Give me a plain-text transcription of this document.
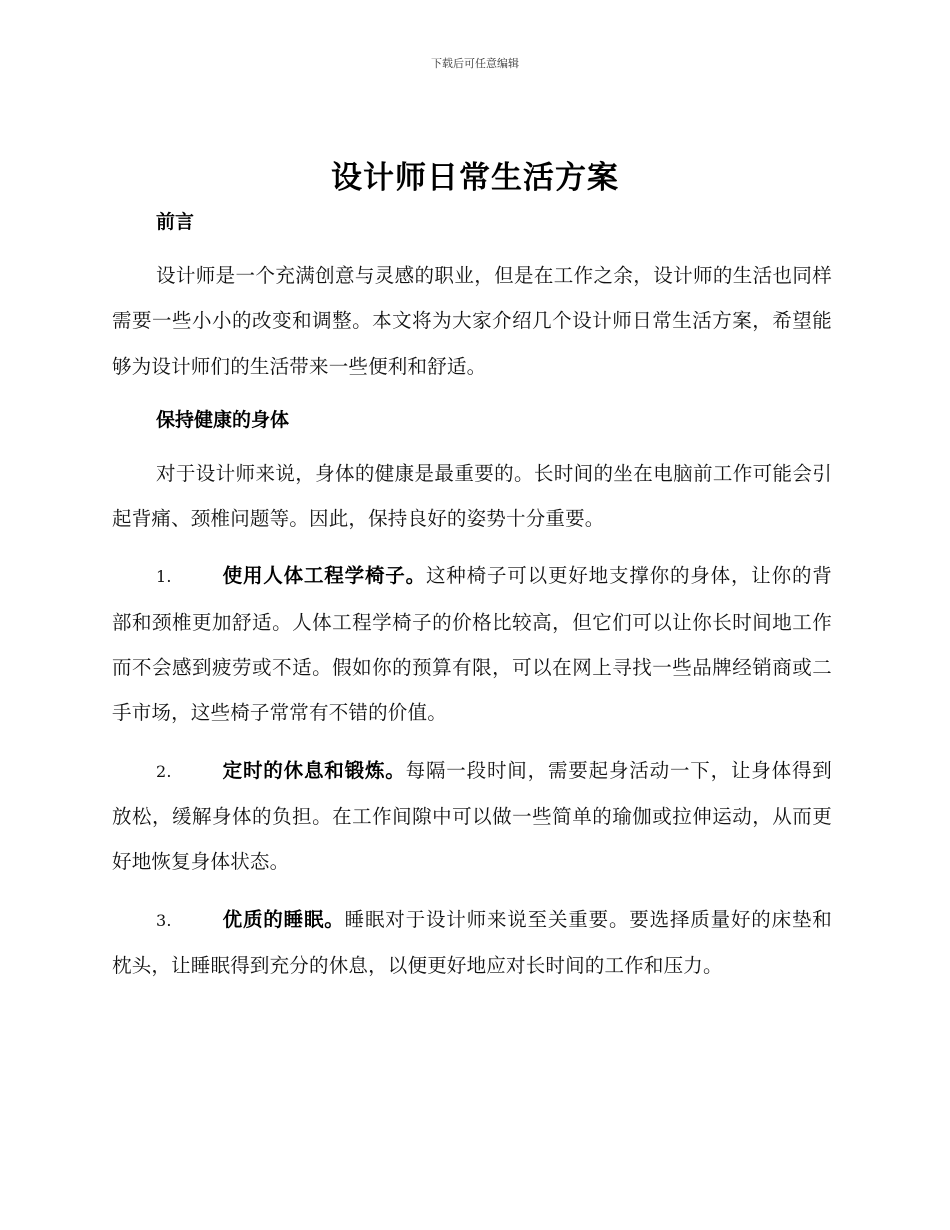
下载后可任意编辑
设计师日常生活方案
前言
设计师是一个充满创意与灵感的职业，但是在工作之余，设计师的生活也同样需要一些小小的改变和调整。本文将为大家介绍几个设计师日常生活方案，希望能够为设计师们的生活带来一些便利和舒适。
保持健康的身体
对于设计师来说，身体的健康是最重要的。长时间的坐在电脑前工作可能会引起背痛、颈椎问题等。因此，保持良好的姿势十分重要。
1.	使用人体工程学椅子。这种椅子可以更好地支撑你的身体，让你的背部和颈椎更加舒适。人体工程学椅子的价格比较高，但它们可以让你长时间地工作而不会感到疲劳或不适。假如你的预算有限，可以在网上寻找一些品牌经销商或二手市场，这些椅子常常有不错的价值。
2.	定时的休息和锻炼。每隔一段时间，需要起身活动一下，让身体得到放松，缓解身体的负担。在工作间隙中可以做一些简单的瑜伽或拉伸运动，从而更好地恢复身体状态。
3.	优质的睡眠。睡眠对于设计师来说至关重要。要选择质量好的床垫和枕头，让睡眠得到充分的休息，以便更好地应对长时间的工作和压力。
